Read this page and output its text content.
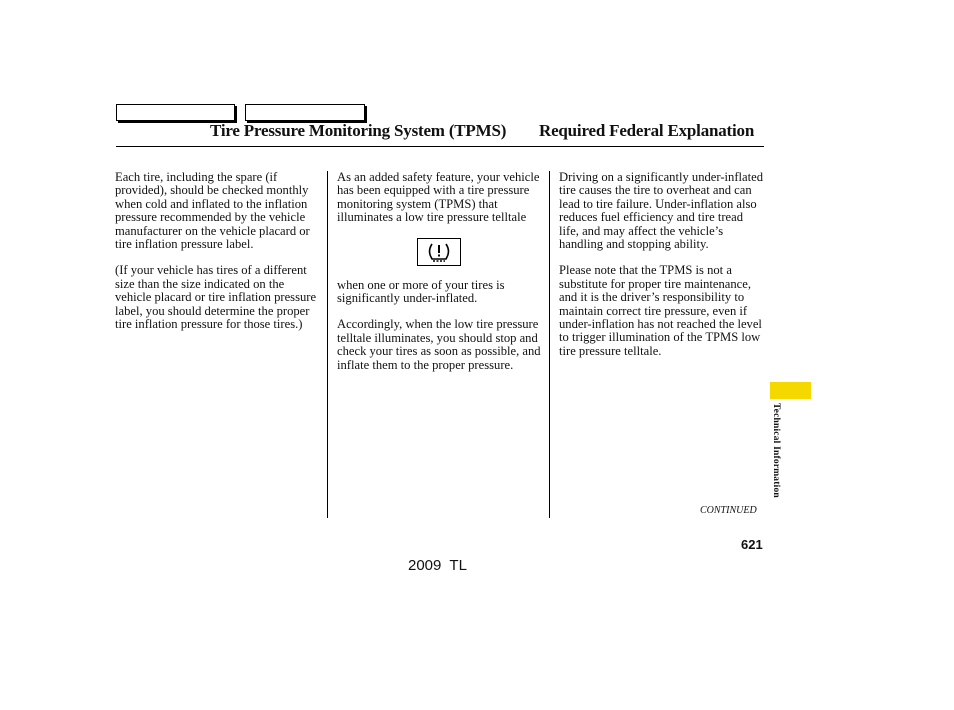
Tire Pressure Monitoring System (TPMS) Required Federal Explanation

Each tire, including the spare (if provided), should be checked monthly when cold and inflated to the inflation pressure recommended by the vehicle manufacturer on the vehicle placard or tire inflation pressure label.

(If your vehicle has tires of a different size than the size indicated on the vehicle placard or tire inflation pressure label, you should determine the proper tire inflation pressure for those tires.)

As an added safety feature, your vehicle has been equipped with a tire pressure monitoring system (TPMS) that illuminates a low tire pressure telltale

when one or more of your tires is significantly under-inflated.

Accordingly, when the low tire pressure telltale illuminates, you should stop and check your tires as soon as possible, and inflate them to the proper pressure.

Driving on a significantly under-inflated tire causes the tire to overheat and can lead to tire failure. Under-inflation also reduces fuel efficiency and tire tread life, and may affect the vehicle’s handling and stopping ability.

Please note that the TPMS is not a substitute for proper tire maintenance, and it is the driver’s responsibility to maintain correct tire pressure, even if under-inflation has not reached the level to trigger illumination of the TPMS low tire pressure telltale.

Technical Information
CONTINUED
621
2009  TL
